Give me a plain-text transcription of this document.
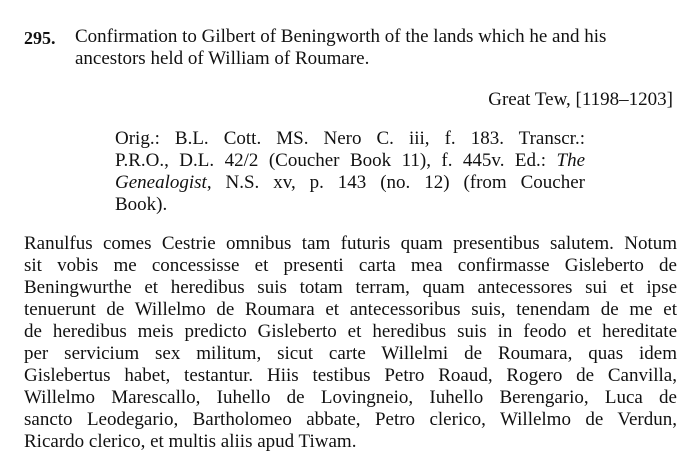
295. Confirmation to Gilbert of Beningworth of the lands which he and his
ancestors held of William of Roumare.
Great Tew, [1198–1203]
Orig.: B.L. Cott. MS. Nero C. iii, f. 183. Transcr.:
P.R.O., D.L. 42/2 (Coucher Book 11), f. 445v. Ed.: The
Genealogist, N.S. xv, p. 143 (no. 12) (from Coucher
Book).
Ranulfus comes Cestrie omnibus tam futuris quam presentibus salutem. Notum
sit vobis me concessisse et presenti carta mea confirmasse Gisleberto de
Beningwurthe et heredibus suis totam terram, quam antecessores sui et ipse
tenuerunt de Willelmo de Roumara et antecessoribus suis, tenendam de me et
de heredibus meis predicto Gisleberto et heredibus suis in feodo et hereditate
per servicium sex militum, sicut carte Willelmi de Roumara, quas idem
Gislebertus habet, testantur. Hiis testibus Petro Roaud, Rogero de Canvilla,
Willelmo Marescallo, Iuhello de Lovingneio, Iuhello Berengario, Luca de
sancto Leodegario, Bartholomeo abbate, Petro clerico, Willelmo de Verdun,
Ricardo clerico, et multis aliis apud Tiwam.
